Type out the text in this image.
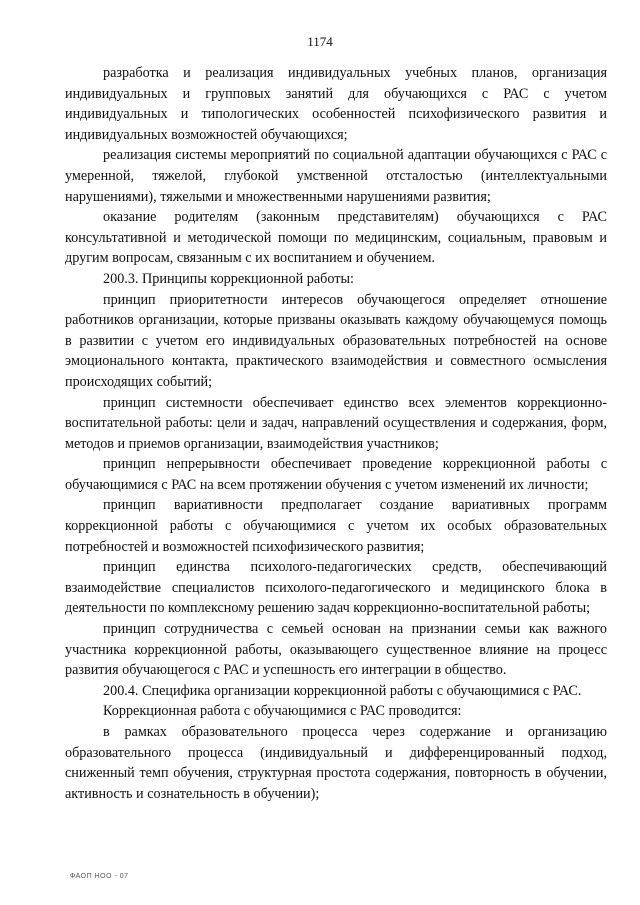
1174

разработка и реализация индивидуальных учебных планов, организация индивидуальных и групповых занятий для обучающихся с РАС с учетом индивидуальных и типологических особенностей психофизического развития и индивидуальных возможностей обучающихся;

реализация системы мероприятий по социальной адаптации обучающихся с РАС с умеренной, тяжелой, глубокой умственной отсталостью (интеллектуальными нарушениями), тяжелыми и множественными нарушениями развития;

оказание родителям (законным представителям) обучающихся с РАС консультативной и методической помощи по медицинским, социальным, правовым и другим вопросам, связанным с их воспитанием и обучением.

200.3. Принципы коррекционной работы:

принцип приоритетности интересов обучающегося определяет отношение работников организации, которые призваны оказывать каждому обучающемуся помощь в развитии с учетом его индивидуальных образовательных потребностей на основе эмоционального контакта, практического взаимодействия и совместного осмысления происходящих событий;

принцип системности обеспечивает единство всех элементов коррекционно-воспитательной работы: цели и задач, направлений осуществления и содержания, форм, методов и приемов организации, взаимодействия участников;

принцип непрерывности обеспечивает проведение коррекционной работы с обучающимися с РАС на всем протяжении обучения с учетом изменений их личности;

принцип вариативности предполагает создание вариативных программ коррекционной работы с обучающимися с учетом их особых образовательных потребностей и возможностей психофизического развития;

принцип единства психолого-педагогических средств, обеспечивающий взаимодействие специалистов психолого-педагогического и медицинского блока в деятельности по комплексному решению задач коррекционно-воспитательной работы;

принцип сотрудничества с семьей основан на признании семьи как важного участника коррекционной работы, оказывающего существенное влияние на процесс развития обучающегося с РАС и успешность его интеграции в общество.

200.4. Специфика организации коррекционной работы с обучающимися с РАС.

Коррекционная работа с обучающимися с РАС проводится:

в рамках образовательного процесса через содержание и организацию образовательного процесса (индивидуальный и дифференцированный подход, сниженный темп обучения, структурная простота содержания, повторность в обучении, активность и сознательность в обучении);

ФАОП НОО - 07
